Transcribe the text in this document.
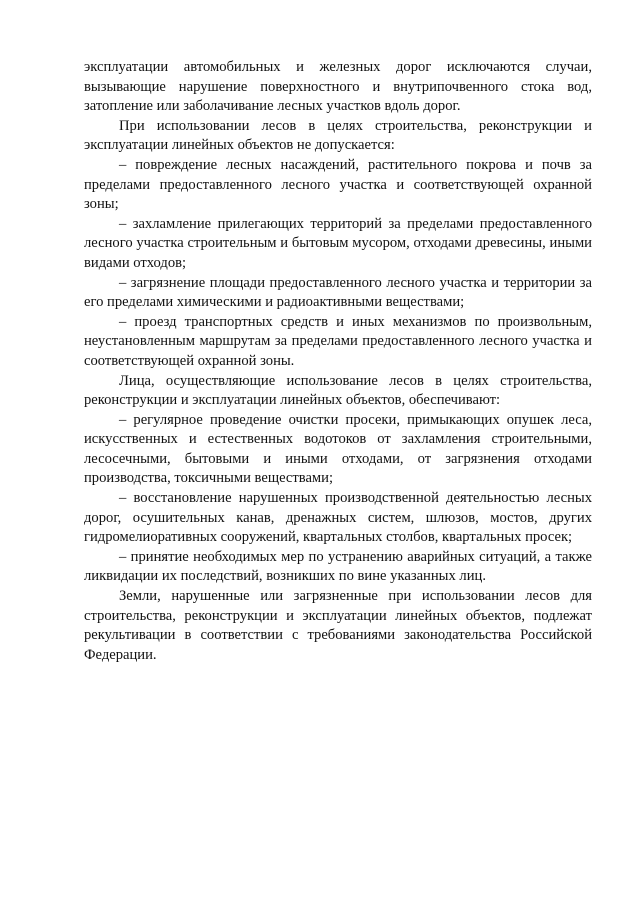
эксплуатации автомобильных и железных дорог исключаются случаи, вызывающие нарушение поверхностного и внутрипочвенного стока вод, затопление или заболачивание лесных участков вдоль дорог.

При использовании лесов в целях строительства, реконструкции и эксплуатации линейных объектов не допускается:

– повреждение лесных насаждений, растительного покрова и почв за пределами предоставленного лесного участка и соответствующей охранной зоны;

– захламление прилегающих территорий за пределами предоставленного лесного участка строительным и бытовым мусором, отходами древесины, иными видами отходов;

– загрязнение площади предоставленного лесного участка и территории за его пределами химическими и радиоактивными веществами;

– проезд транспортных средств и иных механизмов по произвольным, неустановленным маршрутам за пределами предоставленного лесного участка и соответствующей охранной зоны.

Лица, осуществляющие использование лесов в целях строительства, реконструкции и эксплуатации линейных объектов, обеспечивают:

– регулярное проведение очистки просеки, примыкающих опушек леса, искусственных и естественных водотоков от захламления строительными, лесосечными, бытовыми и иными отходами, от загрязнения отходами производства, токсичными веществами;

– восстановление нарушенных производственной деятельностью лесных дорог, осушительных канав, дренажных систем, шлюзов, мостов, других гидромелиоративных сооружений, квартальных столбов, квартальных просек;

– принятие необходимых мер по устранению аварийных ситуаций, а также ликвидации их последствий, возникших по вине указанных лиц.

Земли, нарушенные или загрязненные при использовании лесов для строительства, реконструкции и эксплуатации линейных объектов, подлежат рекультивации в соответствии с требованиями законодательства Российской Федерации.
